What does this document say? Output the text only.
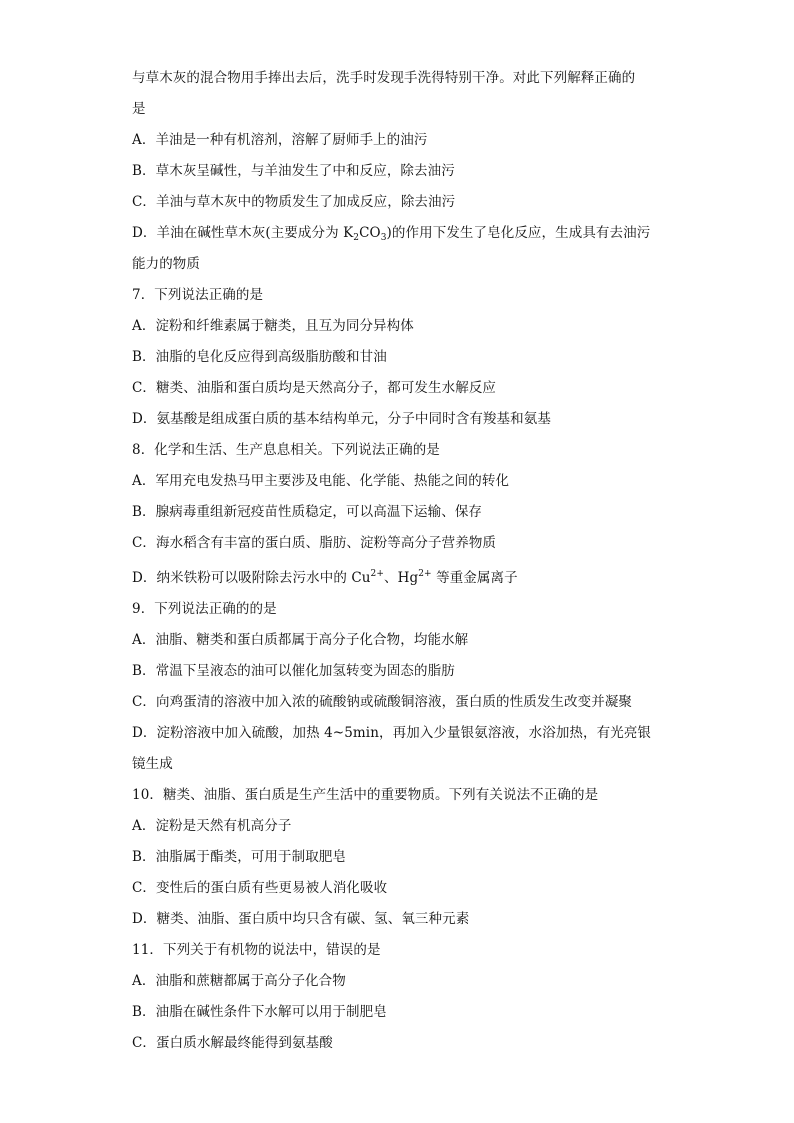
与草木灰的混合物用手捧出去后，洗手时发现手洗得特别干净。对此下列解释正确的
是
A．羊油是一种有机溶剂，溶解了厨师手上的油污
B．草木灰呈碱性，与羊油发生了中和反应，除去油污
C．羊油与草木灰中的物质发生了加成反应，除去油污
D．羊油在碱性草木灰(主要成分为 $K_2CO_3$)的作用下发生了皂化反应，生成具有去油污
能力的物质
7．下列说法正确的是
A．淀粉和纤维素属于糖类，且互为同分异构体
B．油脂的皂化反应得到高级脂肪酸和甘油
C．糖类、油脂和蛋白质均是天然高分子，都可发生水解反应
D．氨基酸是组成蛋白质的基本结构单元，分子中同时含有羧基和氨基
8．化学和生活、生产息息相关。下列说法正确的是
A．军用充电发热马甲主要涉及电能、化学能、热能之间的转化
B．腺病毒重组新冠疫苗性质稳定，可以高温下运输、保存
C．海水稻含有丰富的蛋白质、脂肪、淀粉等高分子营养物质
D．纳米铁粉可以吸附除去污水中的 $Cu^{2+}$、$Hg^{2+}$ 等重金属离子
9．下列说法正确的的是
A．油脂、糖类和蛋白质都属于高分子化合物，均能水解
B．常温下呈液态的油可以催化加氢转变为固态的脂肪
C．向鸡蛋清的溶液中加入浓的硫酸钠或硫酸铜溶液，蛋白质的性质发生改变并凝聚
D．淀粉溶液中加入硫酸，加热 4~5min，再加入少量银氨溶液，水浴加热，有光亮银
镜生成
10．糖类、油脂、蛋白质是生产生活中的重要物质。下列有关说法不正确的是
A．淀粉是天然有机高分子
B．油脂属于酯类，可用于制取肥皂
C．变性后的蛋白质有些更易被人消化吸收
D．糖类、油脂、蛋白质中均只含有碳、氢、氧三种元素
11．下列关于有机物的说法中，错误的是
A．油脂和蔗糖都属于高分子化合物
B．油脂在碱性条件下水解可以用于制肥皂
C．蛋白质水解最终能得到氨基酸
